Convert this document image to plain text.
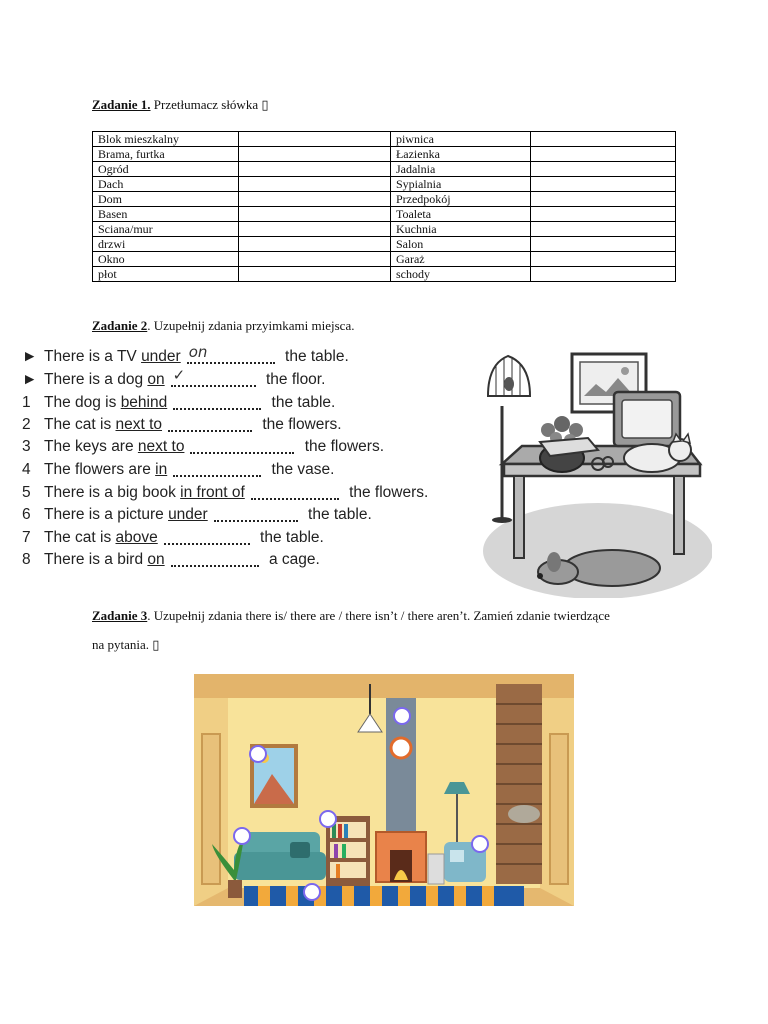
Zadanie 1. Przetłumacz słówka ▯
Blok mieszkalny		piwnica	
Brama, furtka		Łazienka	
Ogród		Jadalnia	
Dach		Sypialnia	
Dom		Przedpokój	
Basen		Toaleta	
Sciana/mur		Kuchnia	
drzwi		Salon	
Okno		Garaż	
płot		schody	
Zadanie 2. Uzupełnij zdania przyimkami miejsca.
► There is a TV under on	the table.
► There is a dog on ✓	the floor.
1 The dog is behind	the table.
2 The cat is next to	the flowers.
3 The keys are next to	the flowers.
4 The flowers are in	the vase.
5 There is a big book in front of	the flowers.
6 There is a picture under	the table.
7 The cat is above	the table.
8 There is a bird on	a cage.
Zadanie 3. Uzupełnij zdania there is/ there are / there isn’t / there aren’t. Zamień zdanie twierdzące
na pytania. ▯
